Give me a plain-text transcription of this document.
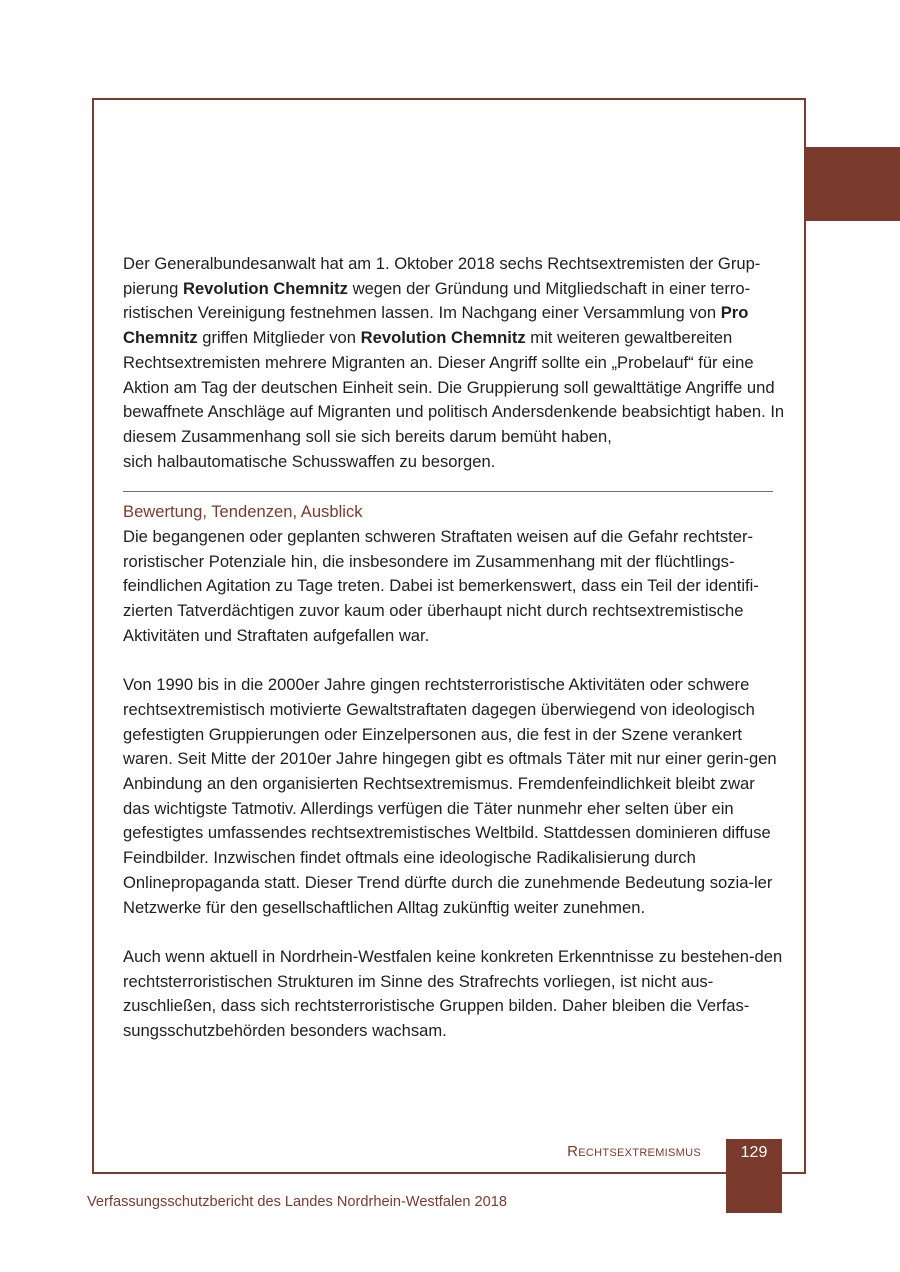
Der Generalbundesanwalt hat am 1. Oktober 2018 sechs Rechtsextremisten der Grup-pierung Revolution Chemnitz wegen der Gründung und Mitgliedschaft in einer terro-ristischen Vereinigung festnehmen lassen. Im Nachgang einer Versammlung von Pro Chemnitz griffen Mitglieder von Revolution Chemnitz mit weiteren gewaltbereiten Rechtsextremisten mehrere Migranten an. Dieser Angriff sollte ein „Probelauf“ für eine Aktion am Tag der deutschen Einheit sein. Die Gruppierung soll gewalttätige Angriffe und bewaffnete Anschläge auf Migranten und politisch Andersdenkende beabsichtigt haben. In diesem Zusammenhang soll sie sich bereits darum bemüht haben,
sich halbautomatische Schusswaffen zu besorgen.

Bewertung, Tendenzen, Ausblick

Die begangenen oder geplanten schweren Straftaten weisen auf die Gefahr rechtster-roristischer Potenziale hin, die insbesondere im Zusammenhang mit der flüchtlings-feindlichen Agitation zu Tage treten. Dabei ist bemerkenswert, dass ein Teil der identifi-zierten Tatverdächtigen zuvor kaum oder überhaupt nicht durch rechtsextremistische Aktivitäten und Straftaten aufgefallen war.

Von 1990 bis in die 2000er Jahre gingen rechtsterroristische Aktivitäten oder schwere rechtsextremistisch motivierte Gewaltstraftaten dagegen überwiegend von ideologisch gefestigten Gruppierungen oder Einzelpersonen aus, die fest in der Szene verankert waren. Seit Mitte der 2010er Jahre hingegen gibt es oftmals Täter mit nur einer gerin-gen Anbindung an den organisierten Rechtsextremismus. Fremdenfeindlichkeit bleibt zwar das wichtigste Tatmotiv. Allerdings verfügen die Täter nunmehr eher selten über ein gefestigtes umfassendes rechtsextremistisches Weltbild. Stattdessen dominieren diffuse Feindbilder. Inzwischen findet oftmals eine ideologische Radikalisierung durch Onlinepropaganda statt. Dieser Trend dürfte durch die zunehmende Bedeutung sozia-ler Netzwerke für den gesellschaftlichen Alltag zukünftig weiter zunehmen.

Auch wenn aktuell in Nordrhein-Westfalen keine konkreten Erkenntnisse zu bestehen-den rechtsterroristischen Strukturen im Sinne des Strafrechts vorliegen, ist nicht aus-zuschließen, dass sich rechtsterroristische Gruppen bilden. Daher bleiben die Verfas-sungsschutzbehörden besonders wachsam.

Rechtsextremismus	129
Verfassungsschutzbericht des Landes Nordrhein-Westfalen 2018
